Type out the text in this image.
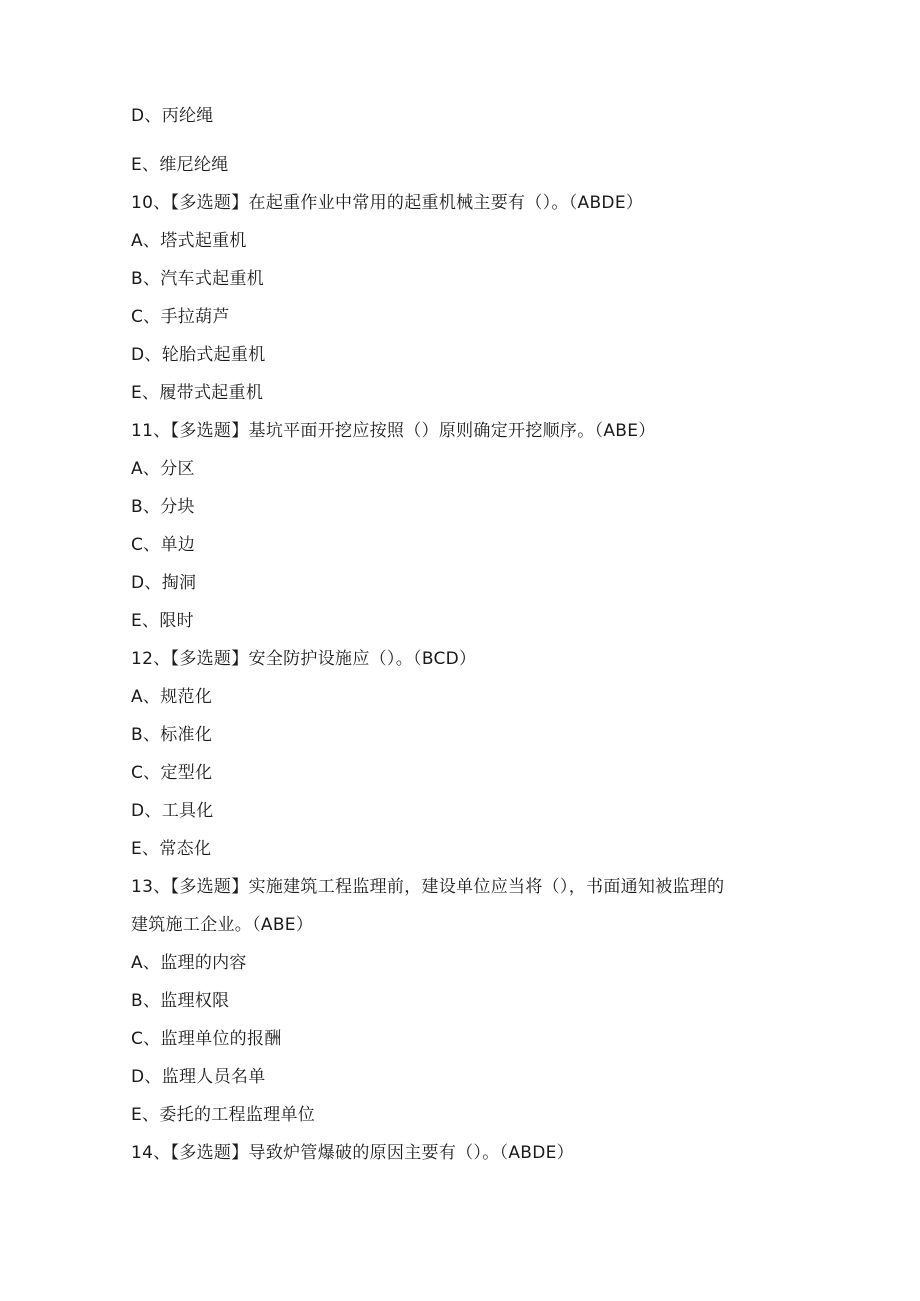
D、丙纶绳
E、维尼纶绳
10、【多选题】在起重作业中常用的起重机械主要有（）。（ABDE）
A、塔式起重机
B、汽车式起重机
C、手拉葫芦
D、轮胎式起重机
E、履带式起重机
11、【多选题】基坑平面开挖应按照（）原则确定开挖顺序。（ABE）
A、分区
B、分块
C、单边
D、掏洞
E、限时
12、【多选题】安全防护设施应（）。（BCD）
A、规范化
B、标准化
C、定型化
D、工具化
E、常态化
13、【多选题】实施建筑工程监理前，建设单位应当将（），书面通知被监理的
建筑施工企业。（ABE）
A、监理的内容
B、监理权限
C、监理单位的报酬
D、监理人员名单
E、委托的工程监理单位
14、【多选题】导致炉管爆破的原因主要有（）。（ABDE）
